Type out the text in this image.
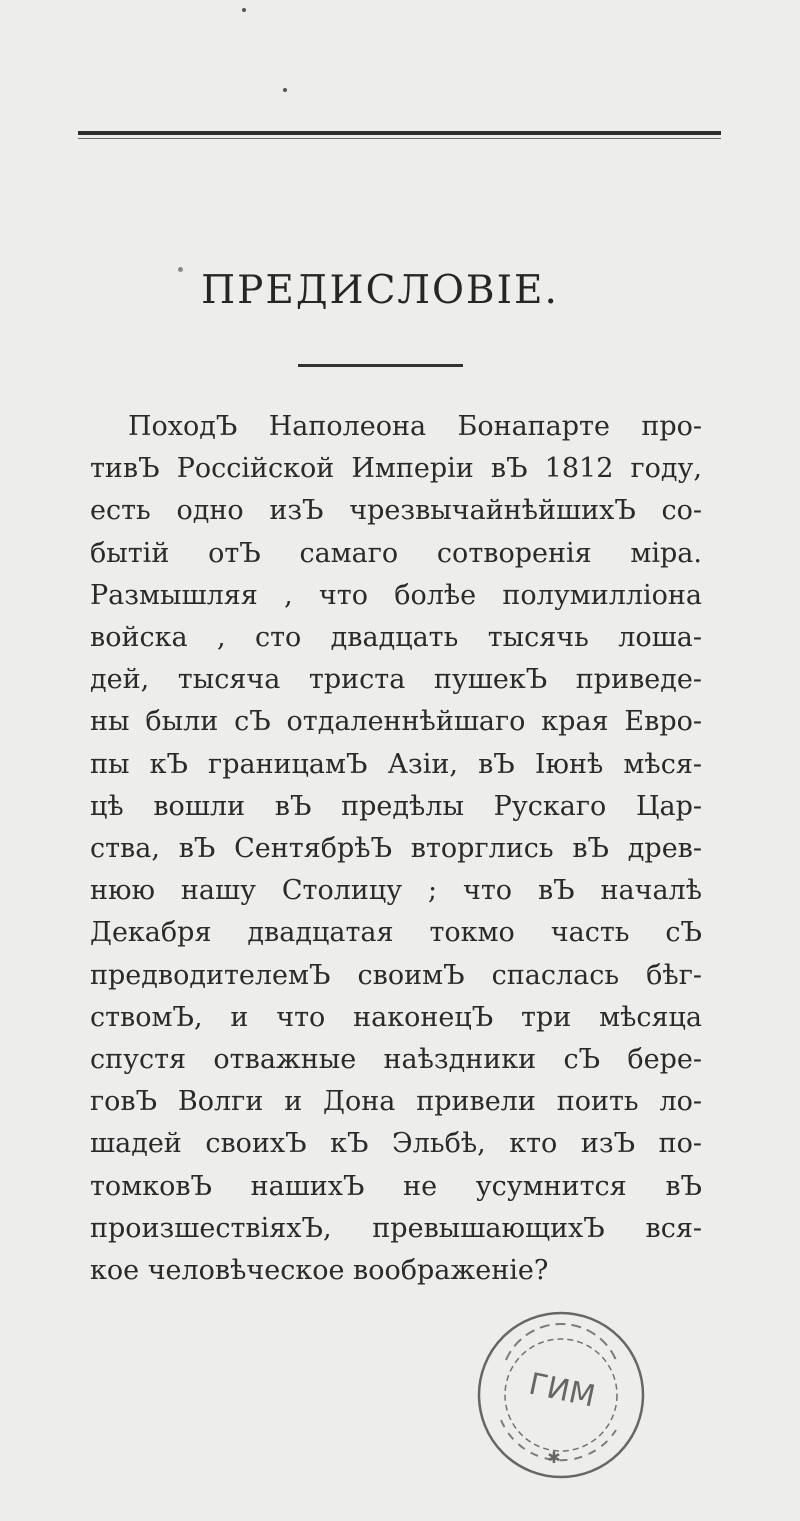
ПРЕДИСЛОВІЕ.
ПоходЪ Наполеона Бонапарте про-
тивЪ Россійской Имперіи вЪ 1812 году,
есть одно изЪ чрезвычайнѣйшихЪ со-
бытій отЪ самаго сотворенія міра.
Размышляя , что болѣе полумилліона
войска , сто двадцать тысячь лоша-
дей, тысяча триста пушекЪ приведе-
ны были сЪ отдаленнѣйшаго края Евро-
пы кЪ границамЪ Азіи, вЪ Іюнѣ мѣся-
цѣ вошли вЪ предѣлы Рускаго Цар-
ства, вЪ СентябрѣЪ вторглись вЪ древ-
нюю нашу Столицу ; что вЪ началѣ
Декабря двадцатая токмо часть сЪ
предводителемЪ своимЪ спаслась бѣг-
ствомЪ, и что наконецЪ три мѣсяца
спустя отважные наѣздники сЪ бере-
говЪ Волги и Дона привели поить ло-
шадей своихЪ кЪ Эльбѣ, кто изЪ по-
томковЪ нашихЪ не усумнится вЪ
произшествіяхЪ, превышающихЪ вся-
кое человѣческое воображеніе?
ГИМ
✱
